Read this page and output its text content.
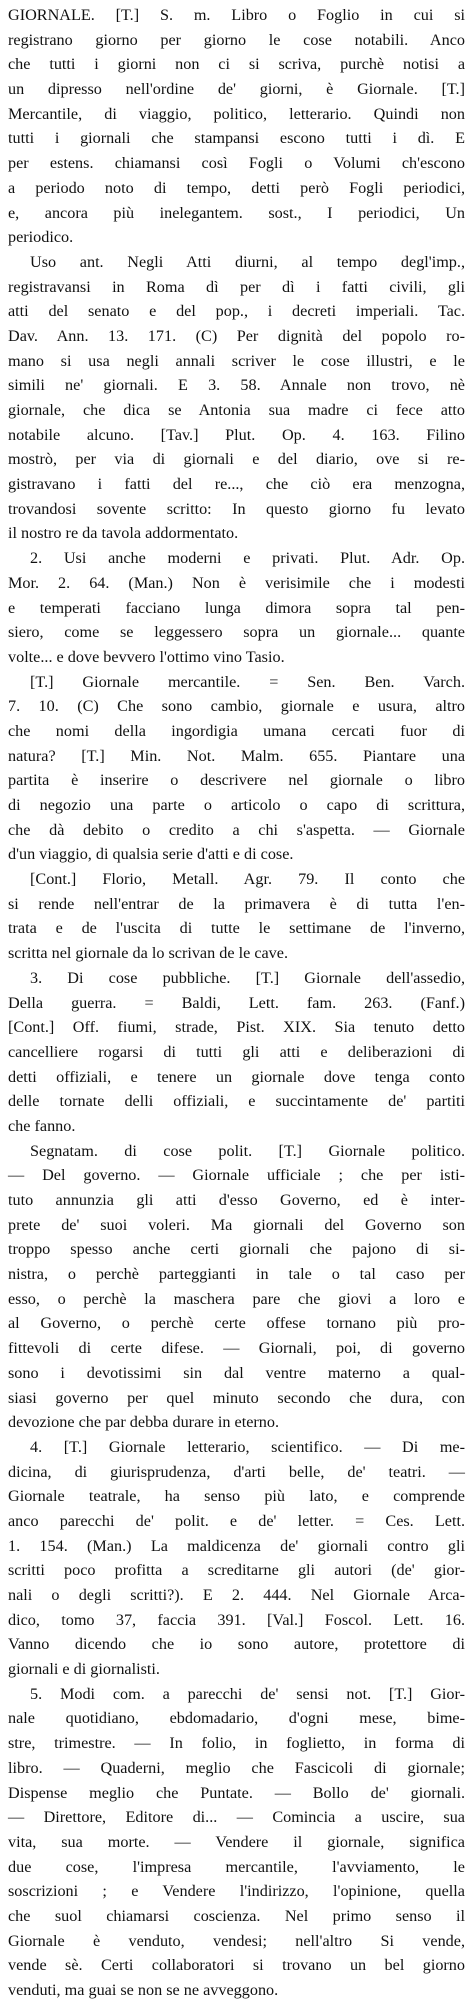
GIORNALE. [T.] S. m. Libro o Foglio in cui si
registrano giorno per giorno le cose notabili. Anco
che tutti i giorni non ci si scriva, purchè notisi a
un dipresso nell'ordine de' giorni, è Giornale. [T.]
Mercantile, di viaggio, politico, letterario. Quindi non
tutti i giornali che stampansi escono tutti i dì. E
per estens. chiamansi così Fogli o Volumi ch'escono
a periodo noto di tempo, detti però Fogli periodici,
e, ancora più inelegantem. sost., I periodici, Un
periodico.
Uso ant. Negli Atti diurni, al tempo degl'imp.,
registravansi in Roma dì per dì i fatti civili, gli
atti del senato e del pop., i decreti imperiali. Tac.
Dav. Ann. 13. 171. (C) Per dignità del popolo ro-
mano si usa negli annali scriver le cose illustri, e le
simili ne' giornali. E 3. 58. Annale non trovo, nè
giornale, che dica se Antonia sua madre ci fece atto
notabile alcuno. [Tav.] Plut. Op. 4. 163. Filino
mostrò, per via di giornali e del diario, ove si re-
gistravano i fatti del re..., che ciò era menzogna,
trovandosi sovente scritto: In questo giorno fu levato
il nostro re da tavola addormentato.
2. Usi anche moderni e privati. Plut. Adr. Op.
Mor. 2. 64. (Man.) Non è verisimile che i modesti
e temperati facciano lunga dimora sopra tal pen-
siero, come se leggessero sopra un giornale... quante
volte... e dove bevvero l'ottimo vino Tasio.
[T.] Giornale mercantile. = Sen. Ben. Varch.
7. 10. (C) Che sono cambio, giornale e usura, altro
che nomi della ingordigia umana cercati fuor di
natura? [T.] Min. Not. Malm. 655. Piantare una
partita è inserire o descrivere nel giornale o libro
di negozio una parte o articolo o capo di scrittura,
che dà debito o credito a chi s'aspetta. — Giornale
d'un viaggio, di qualsia serie d'atti e di cose.
[Cont.] Florio, Metall. Agr. 79. Il conto che
si rende nell'entrar de la primavera è di tutta l'en-
trata e de l'uscita di tutte le settimane de l'inverno,
scritta nel giornale da lo scrivan de le cave.
3. Di cose pubbliche. [T.] Giornale dell'assedio,
Della guerra. = Baldi, Lett. fam. 263. (Fanf.)
[Cont.] Off. fiumi, strade, Pist. XIX. Sia tenuto detto
cancelliere rogarsi di tutti gli atti e deliberazioni di
detti offiziali, e tenere un giornale dove tenga conto
delle tornate delli offiziali, e succintamente de' partiti
che fanno.
Segnatam. di cose polit. [T.] Giornale politico.
— Del governo. — Giornale ufficiale ; che per isti-
tuto annunzia gli atti d'esso Governo, ed è inter-
prete de' suoi voleri. Ma giornali del Governo son
troppo spesso anche certi giornali che pajono di si-
nistra, o perchè parteggianti in tale o tal caso per
esso, o perchè la maschera pare che giovi a loro e
al Governo, o perchè certe offese tornano più pro-
fittevoli di certe difese. — Giornali, poi, di governo
sono i devotissimi sin dal ventre materno a qual-
siasi governo per quel minuto secondo che dura, con
devozione che par debba durare in eterno.
4. [T.] Giornale letterario, scientifico. — Di me-
dicina, di giurisprudenza, d'arti belle, de' teatri. —
Giornale teatrale, ha senso più lato, e comprende
anco parecchi de' polit. e de' letter. = Ces. Lett.
1. 154. (Man.) La maldicenza de' giornali contro gli
scritti poco profitta a screditarne gli autori (de' gior-
nali o degli scritti?). E 2. 444. Nel Giornale Arca-
dico, tomo 37, faccia 391. [Val.] Foscol. Lett. 16.
Vanno dicendo che io sono autore, protettore di
giornali e di giornalisti.
5. Modi com. a parecchi de' sensi not. [T.] Gior-
nale quotidiano, ebdomadario, d'ogni mese, bime-
stre, trimestre. — In folio, in foglietto, in forma di
libro. — Quaderni, meglio che Fascicoli di giornale;
Dispense meglio che Puntate. — Bollo de' giornali.
— Direttore, Editore di... — Comincia a uscire, sua
vita, sua morte. — Vendere il giornale, significa
due cose, l'impresa mercantile, l'avviamento, le
soscrizioni ; e Vendere l'indirizzo, l'opinione, quella
che suol chiamarsi coscienza. Nel primo senso il
Giornale è venduto, vendesi; nell'altro Si vende,
vende sè. Certi collaboratori si trovano un bel giorno
venduti, ma guai se non se ne avveggono.
